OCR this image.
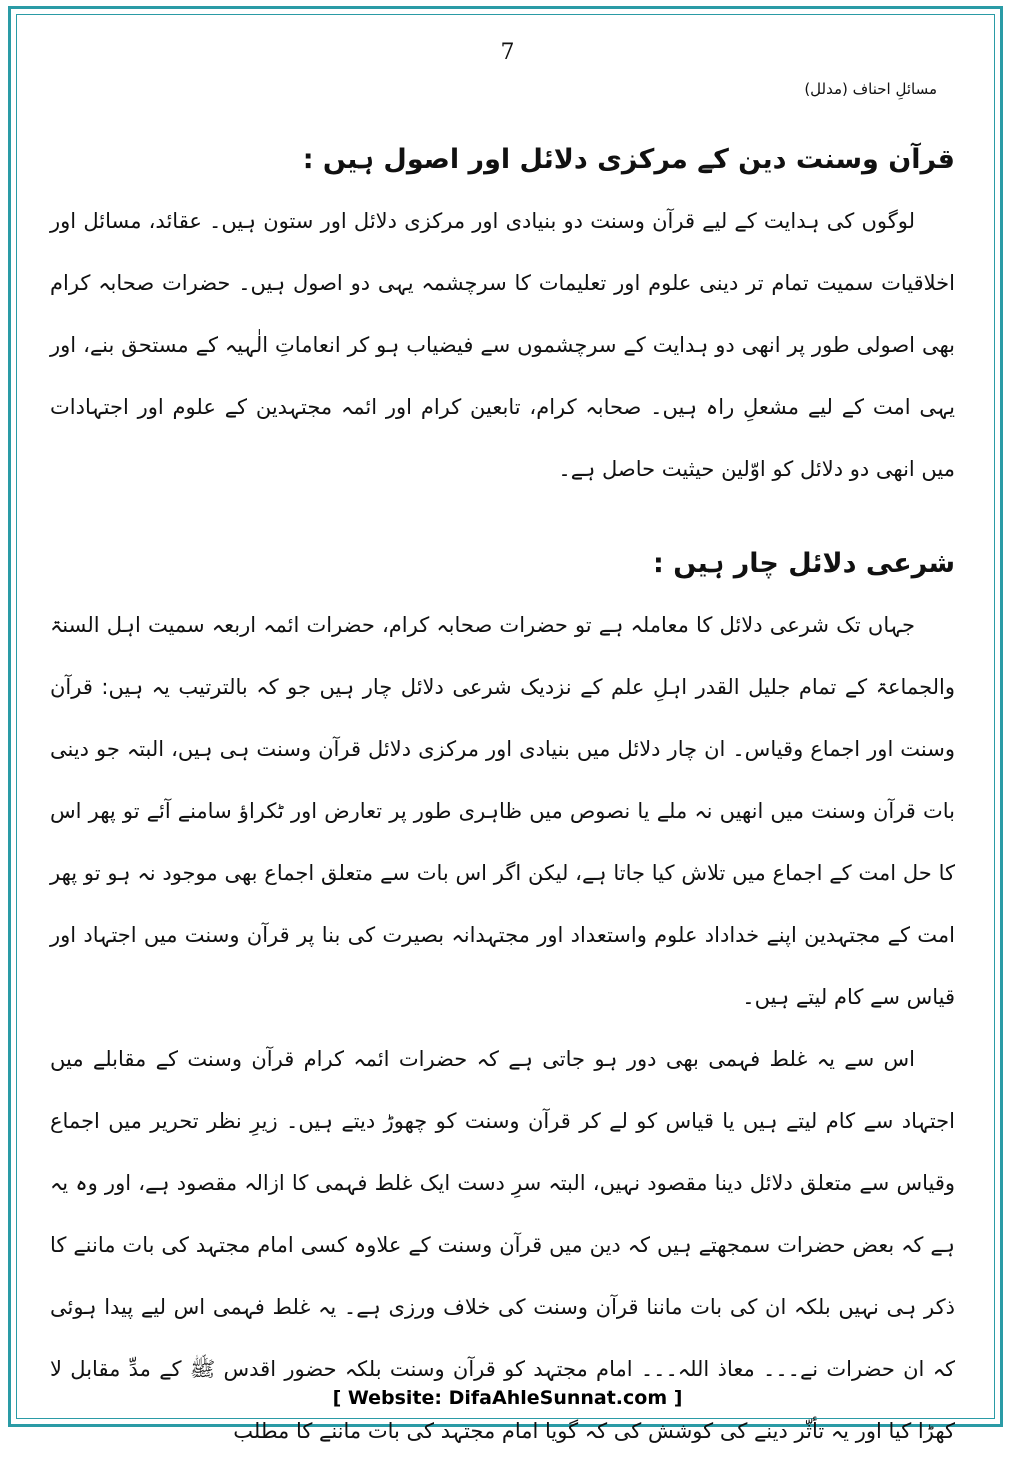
7
مسائلِ احناف (مدلل)
قرآن وسنت دین کے مرکزی دلائل اور اصول ہیں :

لوگوں کی ہدایت کے لیے قرآن وسنت دو بنیادی اور مرکزی دلائل اور ستون ہیں۔ عقائد، مسائل اور اخلاقیات سمیت تمام تر دینی علوم اور تعلیمات کا سرچشمہ یہی دو اصول ہیں۔ حضرات صحابہ کرام بھی اصولی طور پر انھی دو ہدایت کے سرچشموں سے فیضیاب ہو کر انعاماتِ الٰہیہ کے مستحق بنے، اور یہی امت کے لیے مشعلِ راہ ہیں۔ صحابہ کرام، تابعین کرام اور ائمہ مجتہدین کے علوم اور اجتہادات میں انھی دو دلائل کو اوّلین حیثیت حاصل ہے۔

شرعی دلائل چار ہیں :

جہاں تک شرعی دلائل کا معاملہ ہے تو حضرات صحابہ کرام، حضرات ائمہ اربعہ سمیت اہل السنۃ والجماعۃ کے تمام جلیل القدر اہلِ علم کے نزدیک شرعی دلائل چار ہیں جو کہ بالترتیب یہ ہیں: قرآن وسنت اور اجماع وقیاس۔ ان چار دلائل میں بنیادی اور مرکزی دلائل قرآن وسنت ہی ہیں، البتہ جو دینی بات قرآن وسنت میں انھیں نہ ملے یا نصوص میں ظاہری طور پر تعارض اور ٹکراؤ سامنے آئے تو پھر اس کا حل امت کے اجماع میں تلاش کیا جاتا ہے، لیکن اگر اس بات سے متعلق اجماع بھی موجود نہ ہو تو پھر امت کے مجتہدین اپنے خداداد علوم واستعداد اور مجتہدانہ بصیرت کی بنا پر قرآن وسنت میں اجتہاد اور قیاس سے کام لیتے ہیں۔

اس سے یہ غلط فہمی بھی دور ہو جاتی ہے کہ حضرات ائمہ کرام قرآن وسنت کے مقابلے میں اجتہاد سے کام لیتے ہیں یا قیاس کو لے کر قرآن وسنت کو چھوڑ دیتے ہیں۔ زیرِ نظر تحریر میں اجماع وقیاس سے متعلق دلائل دینا مقصود نہیں، البتہ سرِ دست ایک غلط فہمی کا ازالہ مقصود ہے، اور وہ یہ ہے کہ بعض حضرات سمجھتے ہیں کہ دین میں قرآن وسنت کے علاوہ کسی امام مجتہد کی بات ماننے کا ذکر ہی نہیں بلکہ ان کی بات ماننا قرآن وسنت کی خلاف ورزی ہے۔ یہ غلط فہمی اس لیے پیدا ہوئی کہ ان حضرات نے۔۔۔ معاذ اللہ۔۔۔ امام مجتہد کو قرآن وسنت بلکہ حضور اقدس ﷺ کے مدِّ مقابل لا کھڑا کیا اور یہ تأثّر دینے کی کوشش کی کہ گویا امام مجتہد کی بات ماننے کا مطلب

[ Website: DifaAhleSunnat.com ]
